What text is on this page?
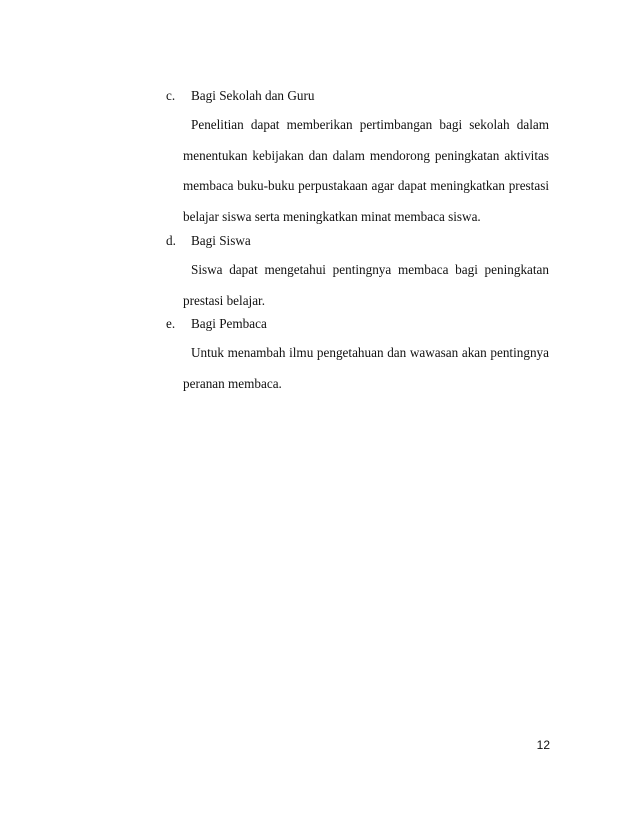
c. Bagi Sekolah dan Guru
Penelitian dapat memberikan pertimbangan bagi sekolah dalam menentukan kebijakan dan dalam mendorong peningkatan aktivitas membaca buku-buku perpustakaan agar dapat meningkatkan prestasi belajar siswa serta meningkatkan minat membaca siswa.
d. Bagi Siswa
Siswa dapat mengetahui pentingnya membaca bagi peningkatan prestasi belajar.
e. Bagi Pembaca
Untuk menambah ilmu pengetahuan dan wawasan akan pentingnya peranan membaca.
12
